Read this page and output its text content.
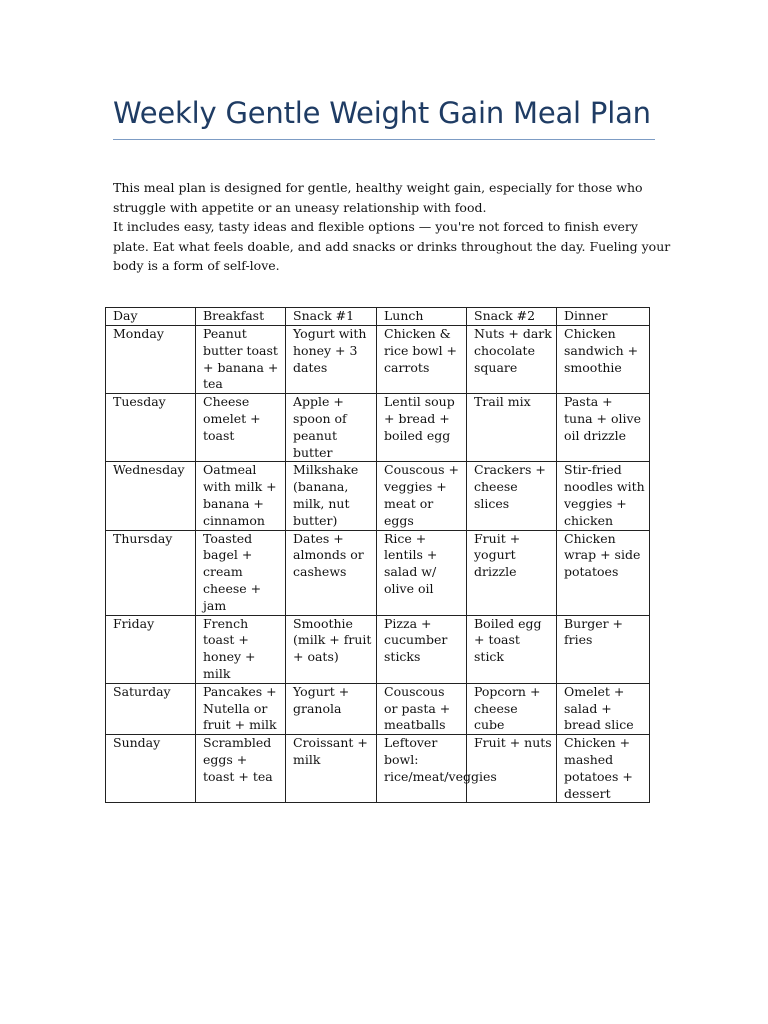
Weekly Gentle Weight Gain Meal Plan

This meal plan is designed for gentle, healthy weight gain, especially for those who struggle with appetite or an uneasy relationship with food.

It includes easy, tasty ideas and flexible options — you're not forced to finish every plate. Eat what feels doable, and add snacks or drinks throughout the day. Fueling your body is a form of self-love.

Day	Breakfast	Snack #1	Lunch	Snack #2	Dinner
Monday	Peanut butter toast + banana + tea	Yogurt with honey + 3 dates	Chicken & rice bowl + carrots	Nuts + dark chocolate square	Chicken sandwich + smoothie
Tuesday	Cheese omelet + toast	Apple + spoon of peanut butter	Lentil soup + bread + boiled egg	Trail mix	Pasta + tuna + olive oil drizzle
Wednesday	Oatmeal with milk + banana + cinnamon	Milkshake (banana, milk, nut butter)	Couscous + veggies + meat or eggs	Crackers + cheese slices	Stir-fried noodles with veggies + chicken
Thursday	Toasted bagel + cream cheese + jam	Dates + almonds or cashews	Rice + lentils + salad w/ olive oil	Fruit + yogurt drizzle	Chicken wrap + side potatoes
Friday	French toast + honey + milk	Smoothie (milk + fruit + oats)	Pizza + cucumber sticks	Boiled egg + toast stick	Burger + fries
Saturday	Pancakes + Nutella or fruit + milk	Yogurt + granola	Couscous or pasta + meatballs	Popcorn + cheese cube	Omelet + salad + bread slice
Sunday	Scrambled eggs + toast + tea	Croissant + milk	Leftover bowl: rice/meat/veggies	Fruit + nuts	Chicken + mashed potatoes + dessert
